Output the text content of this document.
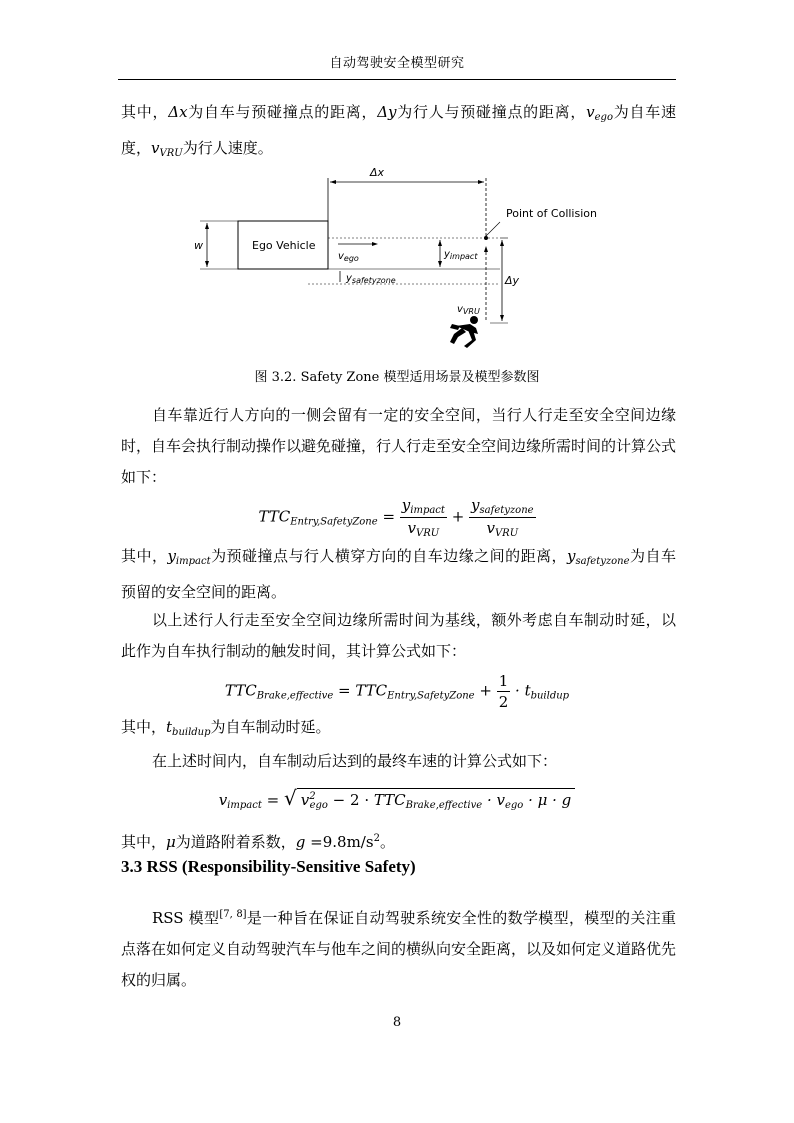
自动驾驶安全模型研究
其中，Δx为自车与预碰撞点的距离，Δy为行人与预碰撞点的距离，$v_{ego}$为自车速度，$v_{VRU}$为行人速度。
Δx
Ego Vehicle
w
$v_{ego}$	$y_{impact}$
$y_{safetyzone}$
Point of Collision
Δy
$v_{VRU}$
图 3.2. Safety Zone 模型适用场景及模型参数图
自车靠近行人方向的一侧会留有一定的安全空间，当行人行走至安全空间边缘时，自车会执行制动操作以避免碰撞，行人行走至安全空间边缘所需时间的计算公式如下：
$TTC_{Entry,SafetyZone} = \frac{y_{impact}}{v_{VRU}} + \frac{y_{safetyzone}}{v_{VRU}}$
其中，$y_{impact}$为预碰撞点与行人横穿方向的自车边缘之间的距离，$y_{safetyzone}$为自车预留的安全空间的距离。
以上述行人行走至安全空间边缘所需时间为基线，额外考虑自车制动时延，以此作为自车执行制动的触发时间，其计算公式如下：
$TTC_{Brake,effective} = TTC_{Entry,SafetyZone} + \frac{1}{2} \cdot t_{buildup}$
其中，$t_{buildup}$为自车制动时延。
在上述时间内，自车制动后达到的最终车速的计算公式如下：
$v_{impact}$ = √ $v^2_{ego} - 2 \cdot TTC_{Brake,effective} \cdot v_{ego} \cdot \mu \cdot g$
其中，μ为道路附着系数，$g =9.8m/s^2$。
3.3 RSS (Responsibility-Sensitive Safety)
RSS 模型[7, 8]是一种旨在保证自动驾驶系统安全性的数学模型，模型的关注重点落在如何定义自动驾驶汽车与他车之间的横纵向安全距离，以及如何定义道路优先权的归属。
8
